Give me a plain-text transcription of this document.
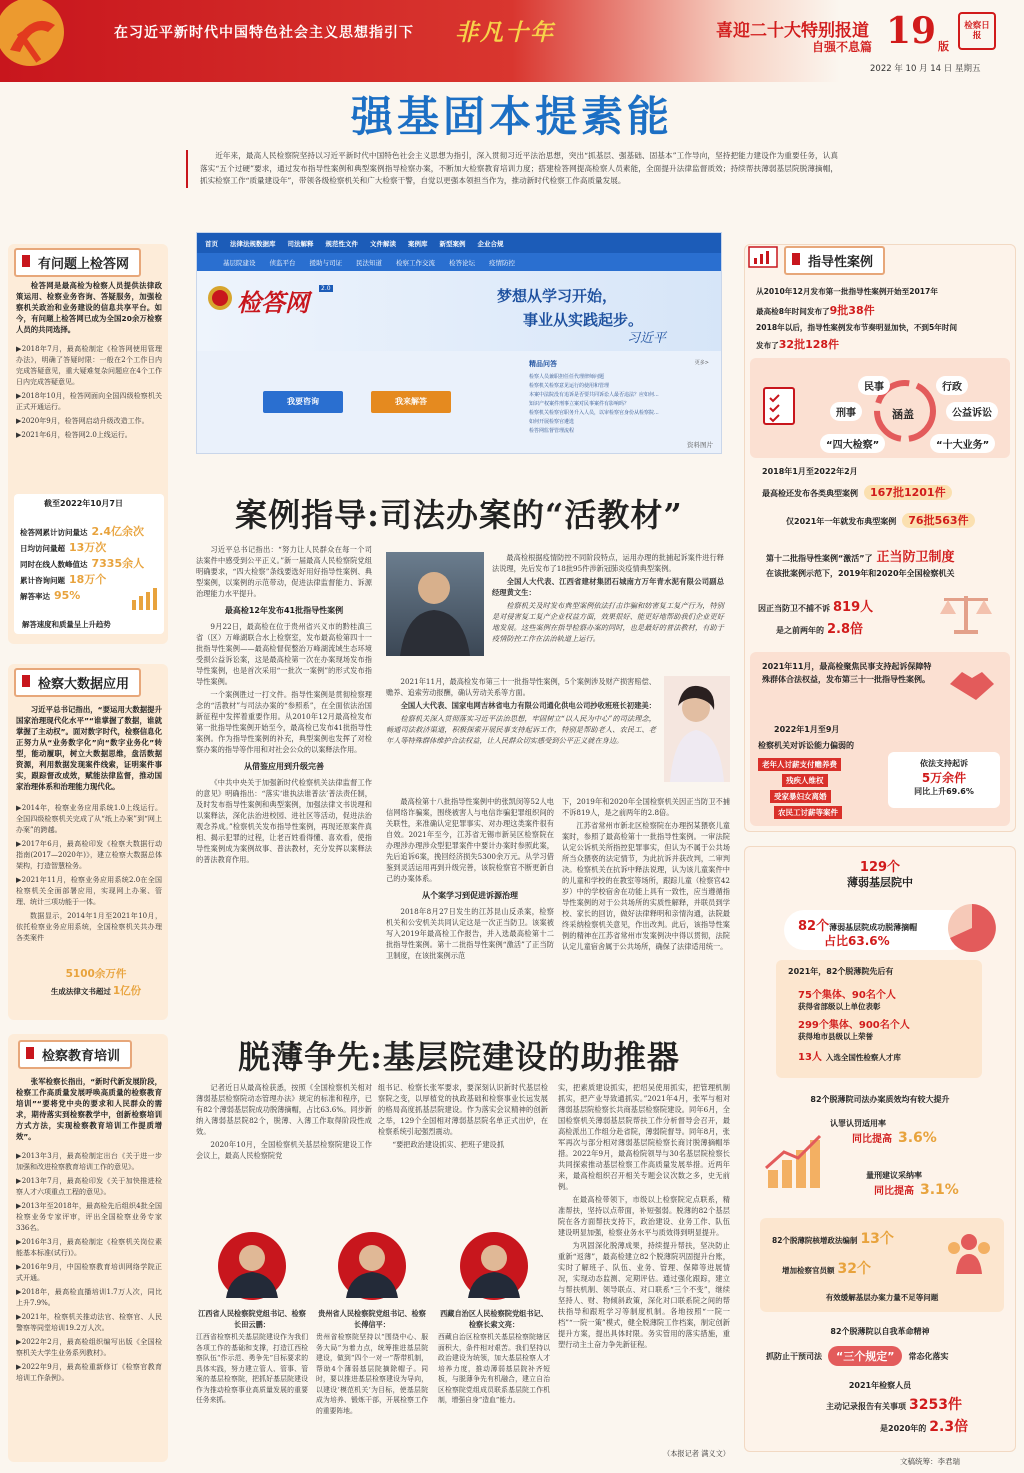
在习近平新时代中国特色社会主义思想指引下 非凡十年	喜迎二十大特别报道
自强不息篇 19 版
检察日报
2022 年 10 月 14 日 星期五
强基固本提素能

近年来，最高人民检察院坚持以习近平新时代中国特色社会主义思想为指引，深入贯彻习近平法治思想，突出“抓基层、强基础、固基本”工作导向，坚持把能力建设作为重要任务，认真落实“五个过硬”要求，通过发布指导性案例和典型案例指导检察办案，不断加大检察教育培训力度；搭建检答网提高检察人员素能，全面提升法律监督质效；持续帮扶薄弱基层院脱薄摘帽，抓实检察工作“质量建设年”，带领各级检察机关和广大检察干警，自觉以更强本领担当作为，推动新时代检察工作高质量发展。

有问题上检答网

检答网是最高检为检察人员提供法律政策运用、检察业务咨询、答疑服务，加强检察机关政治和业务建设的信息共享平台。如今，有问题上检答网已成为全国20余万检察人员的共同选择。

▶2018年7月，最高检制定《检答网使用管理办法》，明确了答疑时限：一般在2个工作日内完成答疑意见，重大疑难复杂问题应在4个工作日内完成答疑意见。

▶2018年10月，检答网面向全国四级检察机关正式开通运行。

▶2020年9月，检答网启动升级改造工作。

▶2021年6月，检答网2.0上线运行。

截至2022年10月7日
检答网累计访问量达 2.4亿余次
日均访问量超 13万次
同时在线人数峰值达 7335余人
累计咨询问题 18万个
解答率达 95%
解答速度和质量呈上升趋势
检察大数据应用

习近平总书记指出，“要运用大数据提升国家治理现代化水平”“谁掌握了数据，谁就掌握了主动权”。面对数字时代，检察信息化正努力从“业务数字化”向“数字业务化”转型，能动履职，树立大数据思维，盘活数据资源，利用数据发现案件线索，证明案件事实，跟踪督改成效，赋能法律监督，推动国家治理体系和治理能力现代化。

▶2014年，检察业务应用系统1.0上线运行。全国四级检察机关完成了从“纸上办案”到“网上办案”的跨越。

▶2017年6月，最高检印发《检察大数据行动指南(2017—2020年)》，建立检察大数据总体架构，打造智慧检务。

▶2021年11月，检察业务应用系统2.0在全国检察机关全面部署应用，实现网上办案、管理、统计三项功能于一体。

数据显示，2014年1月至2021年10月，依托检察业务应用系统，全国检察机关共办理各类案件

5100余万件
生成法律文书超过 1亿份
检察教育培训

张军检察长指出，“新时代新发展阶段，检察工作高质量发展呼唤高质量的检察教育培训”“要将党中央的要求和人民群众的需求，期待落实到检察教学中，创新检察培训方式方法，实现检察教育培训工作提质增效”。

▶2013年3月，最高检制定出台《关于进一步加强和改进检察教育培训工作的意见》。

▶2013年7月，最高检印发《关于加快推进检察人才六项重点工程的意见》。

▶2013年至2018年，最高检先后组织4批全国检察业务专家评审，评出全国检察业务专家336名。

▶2016年3月，最高检制定《检察机关岗位素能基本标准(试行)》。

▶2016年9月，中国检察教育培训网络学院正式开通。

▶2018年，最高检直播培训1.7万人次，同比上升7.9%。

▶2021年，检察机关推动法官、检察官、人民警察等同堂培训19.2万人次。

▶2022年2月，最高检组织编写出版《全国检察机关大学生业务系列教材》。

▶2022年9月，最高检重新修订《检察官教育培训工作条例》。

首页 法律法规数据库 司法解释 规范性文件 文件解读 案例库 新型案例 企业合规
基层院建设 侦监平台 援助与司证 民法知道 检察工作交流 检答论坛 疫情防控
检答网	2.0	梦想从学习开始，
事业从实践起步。
习近平
我要咨询	我来解答
精品问答	更多>
检察人员兼职担任任代理律师问题
检察机关检察意见运行的使用和管理
本案中法院没有追诉是否要共同诉讼人最否违法？应如何...
知识产权案件刑事立案对民事案件有影响吗？
检察机关检察官职务升入人员，以审检察官身份从检察院...
如何开展检察官遴选
检答网监督管理流程
资料图片
案例指导:司法办案的“活教材”

习近平总书记指出：“努力让人民群众在每一个司法案件中感受到公平正义。”新一届最高人民检察院党组明确要求，“四大检察”条线要选好用好指导性案例、典型案例，以案例的示范带动，促进法律监督能力、诉源治理能力水平提升。

最高检12年发布41批指导性案例

9月22日，最高检在位于贵州省兴义市的黔桂滇三省（区）万峰湖联合水上检察室，发布最高检第四十一批指导性案例——最高检督促整治万峰湖流域生态环境受损公益诉讼案，这是最高检第一次在办案现场发布指导性案例，也是首次采用“一批次一案例”的形式发布指导性案例。

一个案例胜过一打文件。指导性案例是贯彻检察理念的“活教材”与司法办案的“参照系”，在全面依法治国新征程中发挥着重要作用。从2010年12月最高检发布第一批指导性案例开始至今，最高检已发布41批指导性案例。作为指导性案例的补充，典型案例也发挥了对检察办案的指导等作用和对社会公众的以案释法作用。

从借鉴应用到升级完善

《中共中央关于加强新时代检察机关法律监督工作的意见》明确指出：“落实‘谁执法谁普法’普法责任制，及时发布指导性案例和典型案例，加强法律文书说理和以案释法，深化法治进校园、进社区等活动，促进法治观念养成。”检察机关发布指导性案例，再现还原案件真相、揭示犯罪的过程，让老百姓看得懂、喜欢看，使指导性案例成为案例故事、普法教材，充分发挥以案释法的普法教育作用。

最高检根据疫情防控不同阶段特点，运用办理的批捕起诉案件进行释法说理，先后发布了18批95件涉新冠肺炎疫情典型案例。

全国人大代表、江西省建材集团石城南方万年青水泥有限公司副总经理黄文生：

检察机关及时发布典型案例依法打击诈骗和妨害复工复产行为，特别是对侵害复工复产企业权益方面，效果很好、能更好地帮助我们企业更好地发展。这些案例在指导检察办案的同时，也是最好的普法教材，有助于疫情防控工作在法治轨道上运行。

2021年11月，最高检发布第三十一批指导性案例，5个案例涉及财产损害赔偿、赡养、追索劳动报酬，确认劳动关系等方面。

全国人大代表、国家电网吉林省电力有限公司通化供电公司抄收班班长初建美：

检察机关深入贯彻落实习近平法治思想，牢固树立“以人民为中心”的司法理念，畅通司法救济渠道，积极探索开展民事支持起诉工作，特别是帮助老人、农民工、老年人等特殊群体维护合法权益，让人民群众切实感受到公平正义就在身边。

最高检第十八批指导性案例中的张凯闵等52人电信网络诈骗案，围绕被害人与电信诈骗犯罪组织间的关联性，来准确认定犯罪事实、对办理这类案件很有自效。2021年至今，江苏省无锡市新吴区检察院在办理涉办理涉众型犯罪案件中要计办案时参照此案，先后追诉6案，挽回经济损失5300余万元。从学习借鉴到灵活运用再到升级完善，该院检察官不断更新自己的办案体系。

从个案学习到促进诉源治理

2018年8月27日发生的江苏昆山反杀案，检察机关和公安机关共同认定这是一次正当防卫。该案被写入2019年最高检工作报告，并入选最高检第十二批指导性案例。第十二批指导性案例“激活”了正当防卫制度，在该批案例示范

下，2019年和2020年全国检察机关因正当防卫不捕不诉819人，是之前两年的2.8倍。

江苏省常州市新北区检察院在办理拐某猥亵儿童案时，参照了最高检第十一批指导性案例。一审法院认定公诉机关所指控犯罪事实，但认为不属于公共场所当众猥亵的法定情节，为此抗诉并获改判，二审判决。检察机关在抗诉中释法说理，认为该儿童案件中的儿童和学校的在教室等场所，跟踪儿童（检察官42岁）中的学校宿舍在功能上具有一致性，应当遵循指导性案例的对于公共场所的实质性解释，并联员到学校、家长的回访，做好法律释明和亲情沟通，法院最终采纳检察机关意见，作出改判。此后，该指导性案例的精神在江苏省常州市发案例决中得以贯彻，法院认定儿童宿舍属于公共场所，确保了法律适用统一。

脱薄争先:基层院建设的助推器

记者近日从最高检获悉，按照《全国检察机关相对薄弱基层检察院动态管理办法》规定的标准和程序，已有82个薄弱基层院成功脱薄摘帽，占比63.6%。同步新纳入薄弱基层院82个，脱薄、入薄工作取得阶段性成效。

2020年10月，全国检察机关基层检察院建设工作会议上，最高人民检察院党

组书记、检察长张军要求，要深刻认识新时代基层检察院之变，以厚植党的执政基础和检察事业长远发展的格局高度抓基层院建设。作为落实会议精神的创新之举，129个全国相对薄弱基层院名单正式出炉，在检察系统引起强烈震动。

“要把政治建设抓实、把班子建设抓

实，把素质建设抓实，把绍吴使用抓实，把管理机制抓实，把产业导致通抓实。”2021年4月，张军与相对薄弱基层院检察长共商基层检察院建设。同年6月，全国检察机关薄弱基层院帮扶工作分析督导会召开，最高检派出工作组分赴省院，薄弱院督导。同年8月，张军再次与部分相对薄弱基层院检察长商讨脱薄摘帽举措。2022年9月，最高检院领导与30名基层院检察长共同探索推动基层检察工作高质量发展举措。近两年来，最高检组织召开相关专题会议次数之多，史无前例。

在最高检带领下，市级以上检察院定点联系，精准帮扶，坚持以点带面，补短强弱。脱薄的82个基层院在各方面帮扶支持下，政治建设、业务工作、队伍建设明显加强，检察业务水平与质效得到明显提升。

为巩固深化脱薄成果，持续提升帮扶，坚决防止重新“返薄”，最高检建立82个脱薄院巩固提升台账，实时了解班子、队伍、业务、管理、保障等进展情况，实现动态监测、定期评估。通过强化跟踪，建立与帮扶机制、领导联点、对口联系“三个不变”，继续坚持人、财、物倾斜政策，深化对口联系院之间的帮扶指导和跟班学习等制度机制。各地按照“一院一档”“一院一策”模式，健全脱薄院工作档案，制定创新提升方案，提出具体时限。务实管用的落实措施，重塑行动主土奋力争先新征程。

（本报记者 满义文）

江西省人民检察院党组书记、检察长田云鹏：

江西省检察机关基层院建设作为我们各项工作的基础和支撑，打造江西检察队伍“作示范、勇争先”目标要求的具体实践，努力建立管人、管事、管案的基层检察院，把抓好基层院建设作为推动检察事业高质量发展的重要任务来抓。

贵州省人民检察院党组书记、检察长傅信平：

贵州省检察院坚持以“围绕中心、服务大局”为着力点，统筹推进基层院建设，做到“四个一对一”帮带机制，帮助4个薄弱基层院摘除帽子。同时，要以推进基层检察建设为导向，以建设‘模范机关’为目标，使基层院成为培养、锻炼干部，开展检察工作的重要阵地。

西藏自治区人民检察院党组书记、检察长索文亮：

西藏自治区检察机关基层检察院辖区面积大，条件相对艰苦。我们坚持以政治建设为统领，加大基层检察人才培养力度，推动薄弱基层院补齐短板，与脱薄争先有机融合，建立自治区检察院党组成员联系基层院工作机制，增强自身“造血”能力。

指导性案例
从2010年12月发布第一批指导性案例开始至2017年
最高检8年时间发布了9批38件
2018年以后，指导性案例发布节奏明显加快，不到5年时间
发布了32批128件
涵盖
民事	行政
刑事	公益诉讼
“四大检察”	“十大业务”
2018年1月至2022年2月
最高检还发布各类典型案例 167批1201件
仅2021年一年就发布典型案例 76批563件
第十二批指导性案例“激活”了 正当防卫制度
在该批案例示范下，2019年和2020年全国检察机关
因正当防卫不捕不诉 819人
是之前两年的 2.8倍
2021年11月，最高检聚焦民事支持起诉保障特殊群体合法权益，发布第三十一批指导性案例。
2022年1月至9月
检察机关对诉讼能力偏弱的
老年人讨薪支付赡养费
残疾人维权
受家暴妇女离婚
农民工讨薪等案件
依法支持起诉
5万余件
同比上升69.6%
129个
薄弱基层院中
82个薄弱基层院成功脱薄摘帽
占比63.6%
2021年，82个脱薄院先后有
75个集体、90名个人
获得省部级以上单位表彰
299个集体、900名个人
获得地市县级以上荣誉
13人 入选全国性检察人才库
82个脱薄院司法办案质效均有较大提升
认罪认罚适用率
同比提高 3.6%
量刑建议采纳率
同比提高 3.1%
82个脱薄院核增政法编制 13个
增加检察官员额 32个
有效缓解基层办案力量不足等问题
82个脱薄院以自我革命精神
抓防止干预司法	“三个规定”	常态化落实
2021年检察人员
主动记录报告有关事项 3253件
是2020年的 2.3倍
文稿统筹：李君瑞
